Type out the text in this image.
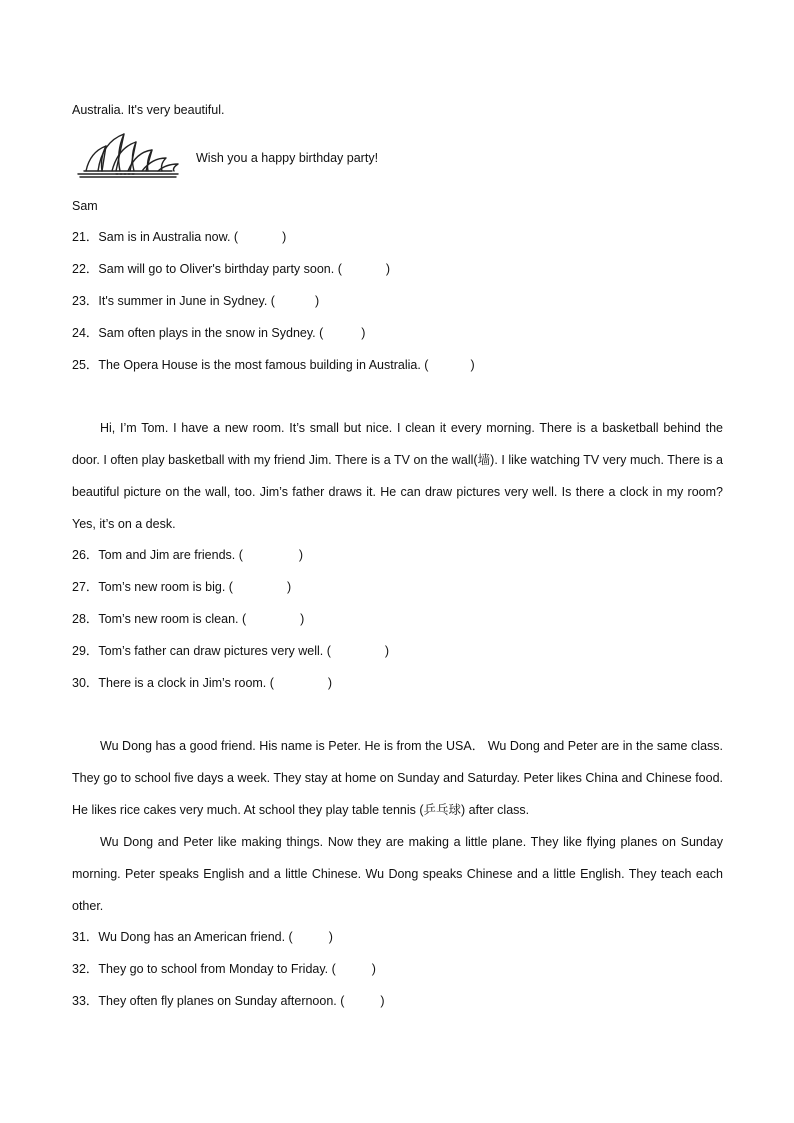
Australia. It's very beautiful.
Wish you a happy birthday party!
Sam
21．Sam is in Australia now. (	)
22．Sam will go to Oliver's birthday party soon. (	)
23．It's summer in June in Sydney. (	)
24．Sam often plays in the snow in Sydney. (	)
25．The Opera House is the most famous building in Australia. (	)

Hi, I’m Tom. I have a new room. It’s small but nice. I clean it every morning. There is a basketball behind the door. I often play basketball with my friend Jim. There is a TV on the wall(墙). I like watching TV very much. There is a beautiful picture on the wall, too. Jim’s father draws it. He can draw pictures very well. Is there a clock in my room? Yes, it’s on a desk.

26．Tom and Jim are friends. (	)
27．Tom’s new room is big. (	)
28．Tom’s new room is clean. (	)
29．Tom’s father can draw pictures very well. (	)
30．There is a clock in Jim’s room. (	)

Wu Dong has a good friend. His name is Peter. He is from the USA． Wu Dong and Peter are in the same class. They go to school five days a week. They stay at home on Sunday and Saturday. Peter likes China and Chinese food. He likes rice cakes very much. At school they play table tennis (乒乓球) after class.

Wu Dong and Peter like making things. Now they are making a little plane. They like flying planes on Sunday morning. Peter speaks English and a little Chinese. Wu Dong speaks Chinese and a little English. They teach each other.

31．Wu Dong has an American friend. (	)
32．They go to school from Monday to Friday. (	)
33．They often fly planes on Sunday afternoon. (	)
